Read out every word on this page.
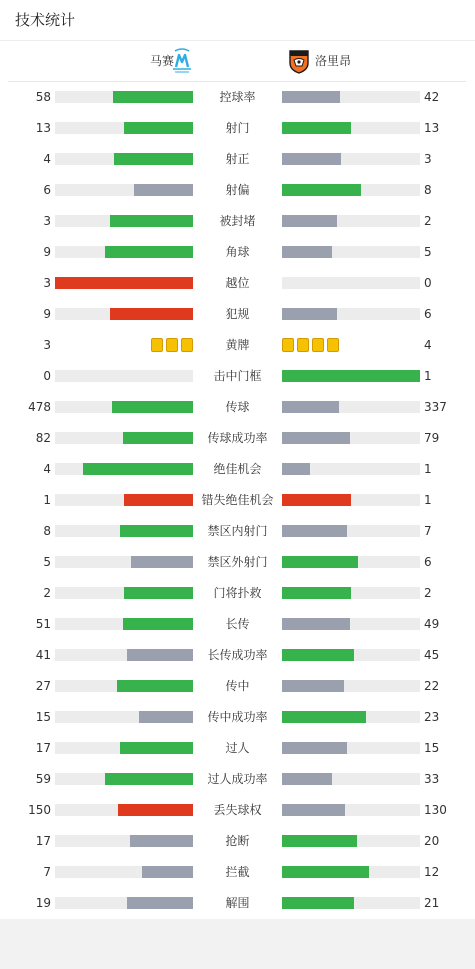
技术统计
马赛	洛里昂
58	控球率	42
13	射门	13
4	射正	3
6	射偏	8
3	被封堵	2
9	角球	5
3	越位	0
9	犯规	6
3	黄牌	4
0	击中门框	1
478	传球	337
82	传球成功率	79
4	绝佳机会	1
1	错失绝佳机会	1
8	禁区内射门	7
5	禁区外射门	6
2	门将扑救	2
51	长传	49
41	长传成功率	45
27	传中	22
15	传中成功率	23
17	过人	15
59	过人成功率	33
150	丢失球权	130
17	抢断	20
7	拦截	12
19	解围	21
